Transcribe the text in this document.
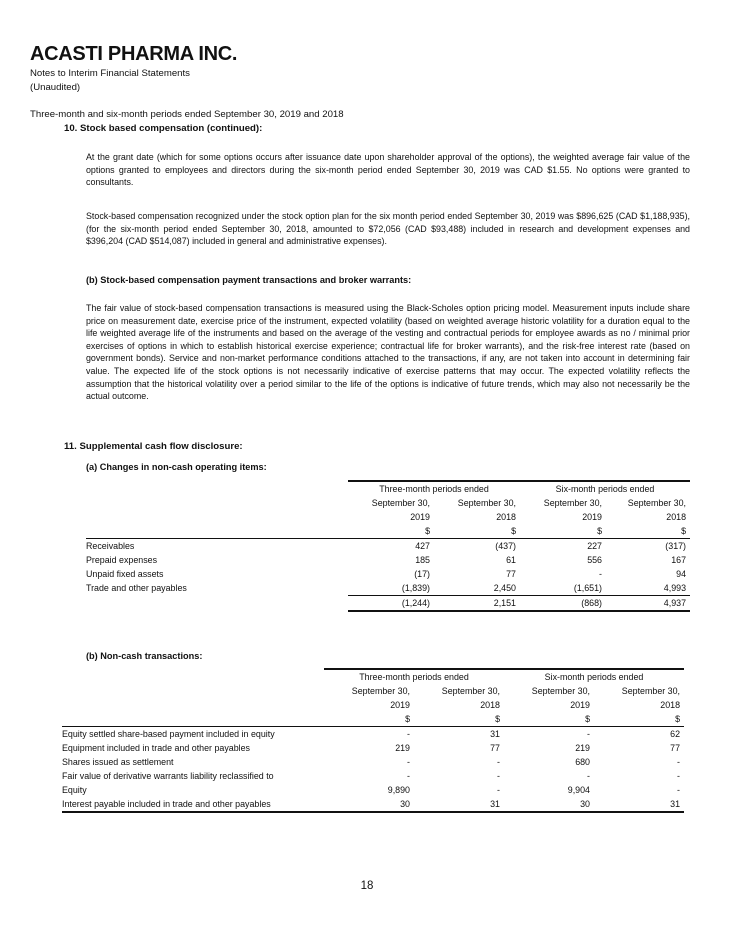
ACASTI PHARMA INC.
Notes to Interim Financial Statements
(Unaudited)
Three-month and six-month periods ended September 30, 2019 and 2018
10. Stock based compensation (continued):

At the grant date (which for some options occurs after issuance date upon shareholder approval of the options), the weighted average fair value of the options granted to employees and directors during the six-month period ended September 30, 2019 was CAD $1.55. No options were granted to consultants.

Stock-based compensation recognized under the stock option plan for the six month period ended September 30, 2019 was $896,625 (CAD $1,188,935), (for the six-month period ended September 30, 2018, amounted to $72,056 (CAD $93,488) included in research and development expenses and $396,204 (CAD $514,087) included in general and administrative expenses).

(b) Stock-based compensation payment transactions and broker warrants:

The fair value of stock-based compensation transactions is measured using the Black-Scholes option pricing model. Measurement inputs include share price on measurement date, exercise price of the instrument, expected volatility (based on weighted average historic volatility for a duration equal to the life weighted average life of the instruments and based on the average of the vesting and contractual periods for employee awards as no / minimal prior exercises of options in which to establish historical exercise experience; contractual life for broker warrants), and the risk-free interest rate (based on government bonds). Service and non-market performance conditions attached to the transactions, if any, are not taken into account in determining fair value. The expected life of the stock options is not necessarily indicative of exercise patterns that may occur. The expected volatility reflects the assumption that the historical volatility over a period similar to the life of the options is indicative of future trends, which may also not necessarily be the actual outcome.

11. Supplemental cash flow disclosure:
(a) Changes in non-cash operating items:
	Three-month periods ended		Six-month periods ended	
	September 30,	September 30,	September 30,	September 30,
	2019	2018	2019	2018
	$	$	$	$
Receivables	427	(437)	227	(317)
Prepaid expenses	185	61	556	167
Unpaid fixed assets	(17)	77	-	94
Trade and other payables	(1,839)	2,450	(1,651)	4,993
	(1,244)	2,151	(868)	4,937
(b) Non-cash transactions:
	Three-month periods ended		Six-month periods ended	
	September 30,	September 30,	September 30,	September 30,
	2019	2018	2019	2018
	$	$	$	$
Equity settled share-based payment included in equity	-	31	-	62
Equipment included in trade and other payables	219	77	219	77
Shares issued as settlement	-	-	680	-
Fair value of derivative warrants liability reclassified to	-	-	-	-
Equity	9,890	-	9,904	-
Interest payable included in trade and other payables	30	31	30	31
18
